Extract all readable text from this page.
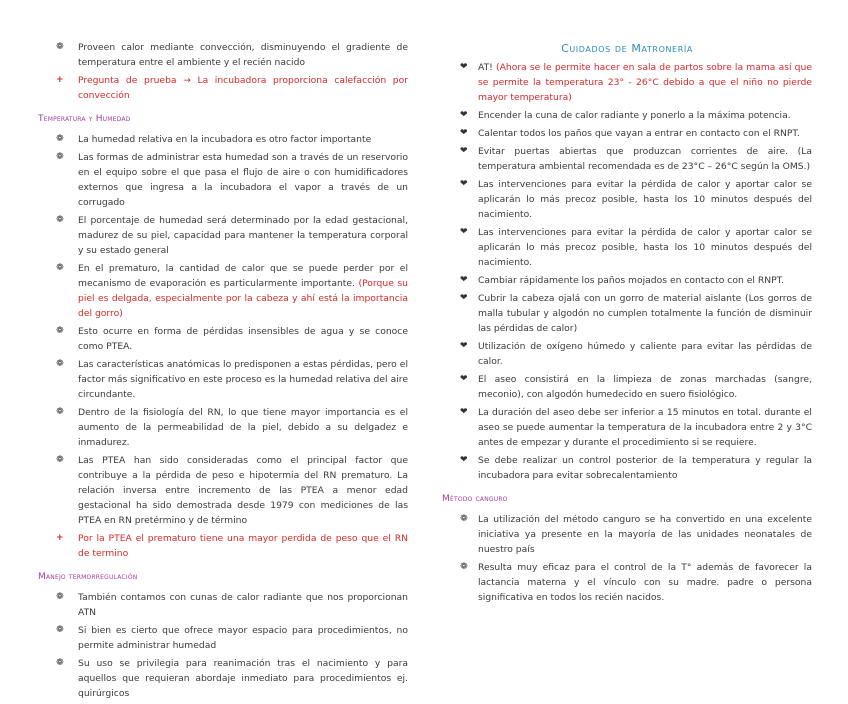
❁ Proveen calor mediante convección, disminuyendo el gradiente de temperatura entre el ambiente y el recién nacido
+ Pregunta de prueba → La incubadora proporciona calefacción por convección
Temperatura y Humedad
❁ La humedad relativa en la incubadora es otro factor importante
❁ Las formas de administrar esta humedad son a través de un reservorio en el equipo sobre el que pasa el flujo de aire o con humidificadores externos que ingresa a la incubadora el vapor a través de un corrugado
❁ El porcentaje de humedad será determinado por la edad gestacional, madurez de su piel, capacidad para mantener la temperatura corporal y su estado general
❁ En el prematuro, la cantidad de calor que se puede perder por el mecanismo de evaporación es particularmente importante. (Porque su piel es delgada, especialmente por la cabeza y ahí está la importancia del gorro)
❁ Esto ocurre en forma de pérdidas insensibles de agua y se conoce como PTEA.
❁ Las características anatómicas lo predisponen a estas pérdidas, pero el factor más significativo en este proceso es la humedad relativa del aire circundante.
❁ Dentro de la fisiología del RN, lo que tiene mayor importancia es el aumento de la permeabilidad de la piel, debido a su delgadez e inmadurez.
❁ Las PTEA han sido consideradas como el principal factor que contribuye a la pérdida de peso e hipotermia del RN prematuro. La relación inversa entre incremento de las PTEA a menor edad gestacional ha sido demostrada desde 1979 con mediciones de las PTEA en RN pretérmino y de término
+ Por la PTEA el prematuro tiene una mayor perdida de peso que el RN de termino
Manejo termorregulación
❁ También contamos con cunas de calor radiante que nos proporcionan ATN
❁ Si bien es cierto que ofrece mayor espacio para procedimientos, no permite administrar humedad
❁ Su uso se privilegia para reanimación tras el nacimiento y para aquellos que requieran abordaje inmediato para procedimientos ej. quirúrgicos
Cuidados de Matronería
❤ AT! (Ahora se le permite hacer en sala de partos sobre la mama así que se permite la temperatura 23° - 26°C debido a que el niño no pierde mayor temperatura)
❤ Encender la cuna de calor radiante y ponerlo a la máxima potencia.
❤ Calentar todos los paños que vayan a entrar en contacto con el RNPT.
❤ Evitar puertas abiertas que produzcan corrientes de aire. (La temperatura ambiental recomendada es de 23°C – 26°C según la OMS.)
❤ Las intervenciones para evitar la pérdida de calor y aportar calor se aplicarán lo más precoz posible, hasta los 10 minutos después del nacimiento.
❤ Las intervenciones para evitar la pérdida de calor y aportar calor se aplicarán lo más precoz posible, hasta los 10 minutos después del nacimiento.
❤ Cambiar rápidamente los paños mojados en contacto con el RNPT.
❤ Cubrir la cabeza ojalá con un gorro de material aislante (Los gorros de malla tubular y algodón no cumplen totalmente la función de disminuir las pérdidas de calor)
❤ Utilización de oxígeno húmedo y caliente para evitar las pérdidas de calor.
❤ El aseo consistirá en la limpieza de zonas marchadas (sangre, meconio), con algodón humedecido en suero fisiológico.
❤ La duración del aseo debe ser inferior a 15 minutos en total. durante el aseo se puede aumentar la temperatura de la incubadora entre 2 y 3°C antes de empezar y durante el procedimiento si se requiere.
❤ Se debe realizar un control posterior de la temperatura y regular la incubadora para evitar sobrecalentamiento
Método canguro
❁ La utilización del método canguro se ha convertido en una excelente iniciativa ya presente en la mayoría de las unidades neonatales de nuestro país
❁ Resulta muy eficaz para el control de la T° además de favorecer la lactancia materna y el vínculo con su madre. padre o persona significativa en todos los recién nacidos.
